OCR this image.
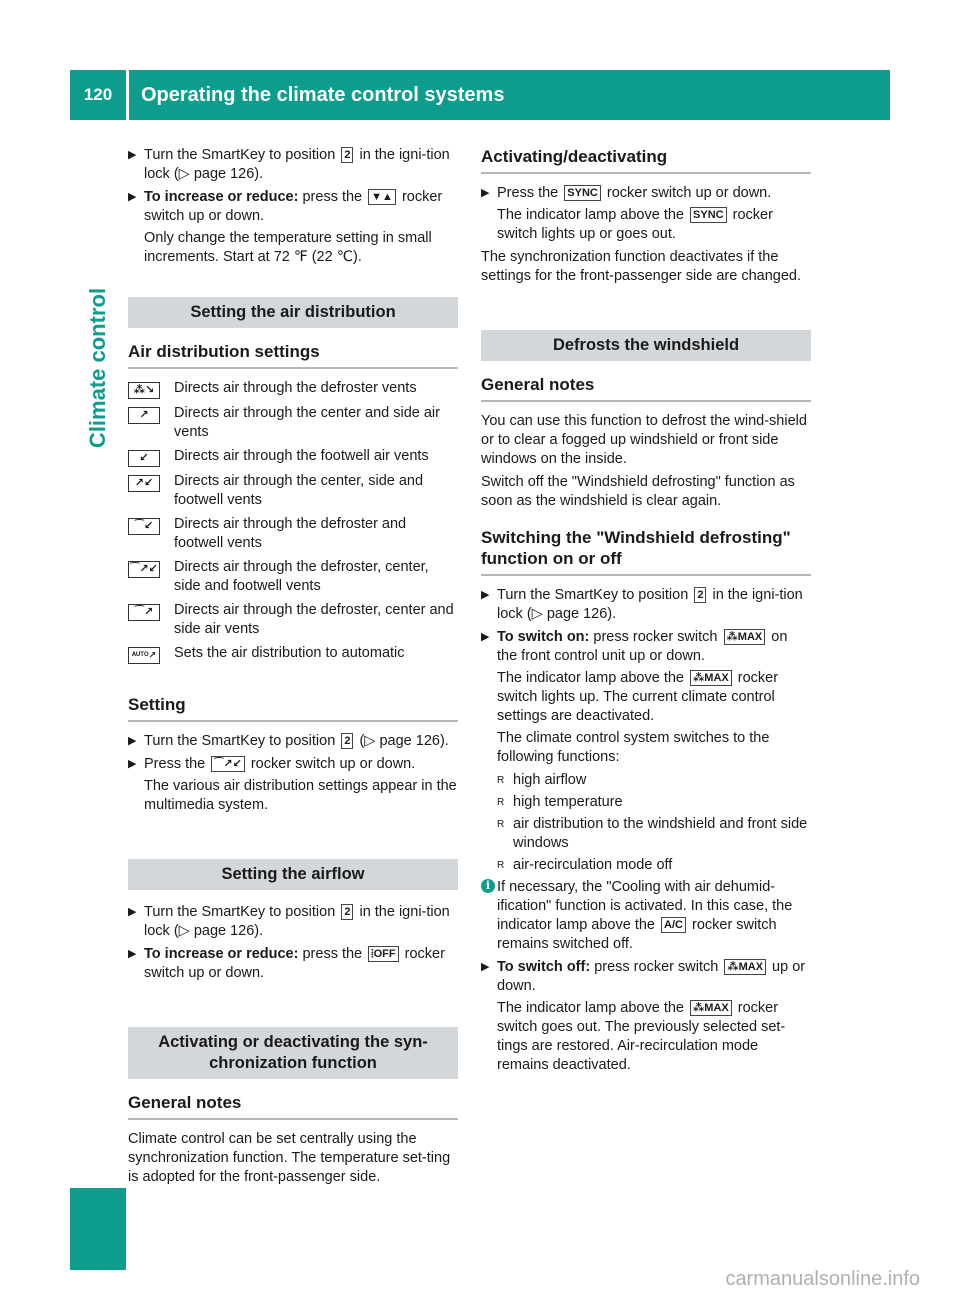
120	Operating the climate control systems
Climate control
▶ Turn the SmartKey to position 2 in the igni-tion lock (▷ page 126).

▶ To increase or reduce: press the ▼▲ rocker switch up or down.

Only change the temperature setting in small increments. Start at 72 ℉ (22 ℃).

Setting the air distribution
Air distribution settings
⁂↘	Directs air through the defroster vents
↗	Directs air through the center and side air vents
↙	Directs air through the footwell air vents
↗↙	Directs air through the center, side and footwell vents
⁀↙	Directs air through the defroster and footwell vents
⁀↗↙	Directs air through the defroster, center, side and footwell vents
⁀↗	Directs air through the defroster, center and side air vents
ᴬᵁᵀᴼ↗	Sets the air distribution to automatic
Setting
▶ Turn the SmartKey to position 2 (▷ page 126).

▶ Press the ⁀↗↙ rocker switch up or down.

The various air distribution settings appear in the multimedia system.

Setting the airflow
▶ Turn the SmartKey to position 2 in the igni-tion lock (▷ page 126).

▶ To increase or reduce: press the ⦙OFF rocker switch up or down.

Activating or deactivating the syn-chronization function
General notes
Climate control can be set centrally using the synchronization function. The temperature set-ting is adopted for the front-passenger side.
Activating/deactivating
▶ Press the SYNC rocker switch up or down.

The indicator lamp above the SYNC rocker switch lights up or goes out.

The synchronization function deactivates if the settings for the front-passenger side are changed.
Defrosts the windshield
General notes
You can use this function to defrost the wind-shield or to clear a fogged up windshield or front side windows on the inside.
Switch off the "Windshield defrosting" function as soon as the windshield is clear again.
Switching the "Windshield defrosting" function on or off
▶ Turn the SmartKey to position 2 in the igni-tion lock (▷ page 126).

▶ To switch on: press rocker switch ⁂MAX on the front control unit up or down.

The indicator lamp above the ⁂MAX rocker switch lights up. The current climate control settings are deactivated.

The climate control system switches to the following functions:

R high airflow
R high temperature
R air distribution to the windshield and front side windows
R air-recirculation mode off
i If necessary, the "Cooling with air dehumid-ification" function is activated. In this case, the indicator lamp above the A/C rocker switch remains switched off.
▶ To switch off: press rocker switch ⁂MAX up or down.

The indicator lamp above the ⁂MAX rocker switch goes out. The previously selected set-tings are restored. Air-recirculation mode remains deactivated.

carmanualsonline.info
